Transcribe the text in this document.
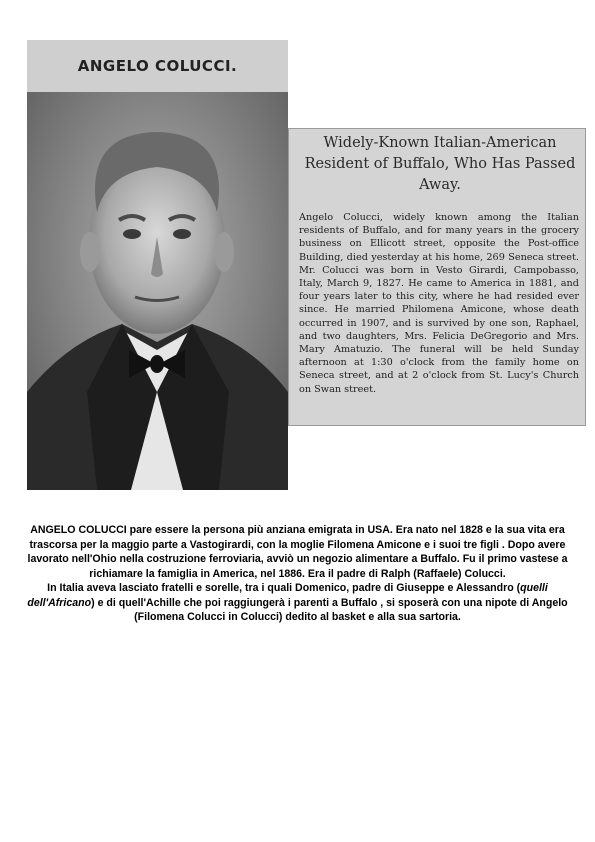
ANGELO COLUCCI.
Widely-Known Italian-American Resident of Buffalo, Who Has Passed Away.
Angelo Colucci, widely known among the Italian residents of Buffalo, and for many years in the grocery business on Ellicott street, opposite the Post-office Building, died yesterday at his home, 269 Seneca street. Mr. Colucci was born in Vesto Girardi, Campobasso, Italy, March 9, 1827. He came to America in 1881, and four years later to this city, where he had resided ever since. He married Philomena Amicone, whose death occurred in 1907, and is survived by one son, Raphael, and two daughters, Mrs. Felicia DeGregorio and Mrs. Mary Amatuzio. The funeral will be held Sunday afternoon at 1:30 o'clock from the family home on Seneca street, and at 2 o'clock from St. Lucy's Church on Swan street.

ANGELO COLUCCI pare essere la persona più anziana emigrata in USA. Era nato nel 1828 e la sua vita era trascorsa per la maggio parte a Vastogirardi, con la moglie Filomena Amicone e i suoi tre figli . Dopo avere lavorato nell'Ohio nella costruzione ferroviaria, avviò un negozio alimentare a Buffalo. Fu il primo vastese a richiamare la famiglia in America, nel 1886. Era il padre di Ralph (Raffaele) Colucci.

In Italia aveva lasciato fratelli e sorelle, tra i quali Domenico, padre di Giuseppe e Alessandro (quelli dell'Africano) e di quell'Achille che poi raggiungerà i parenti a Buffalo , si sposerà con una nipote di Angelo (Filomena Colucci in Colucci) dedito al basket e alla sua sartoria.
